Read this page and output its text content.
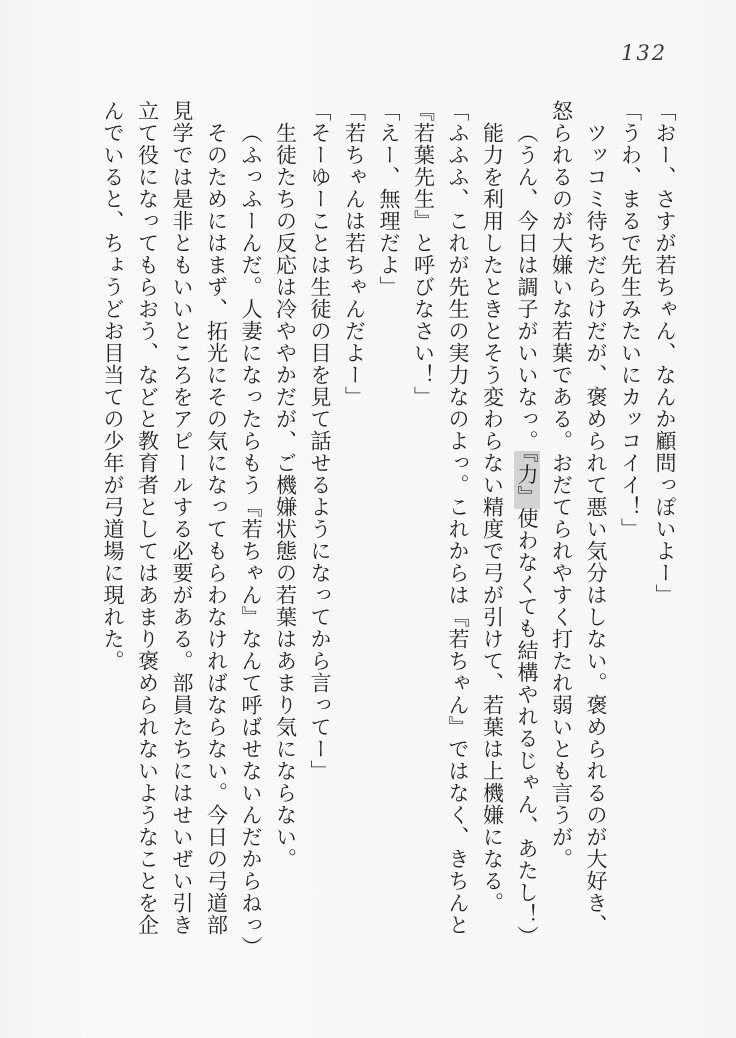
132
「おー、さすが若ちゃん、なんか顧問っぽいよー」
「うわ、まるで先生みたいにカッコイイ！」
ツッコミ待ちだらけだが、褒められて悪い気分はしない。褒められるのが大好き、
怒られるのが大嫌いな若葉である。おだてられやすく打たれ弱いとも言うが。
（うん、今日は調子がいいなっ。『力』使わなくても結構やれるじゃん、あたし！）
能力を利用したときとそう変わらない精度で弓が引けて、若葉は上機嫌になる。
「ふふふ、これが先生の実力なのよっ。これからは『若ちゃん』ではなく、きちんと
『若葉先生』と呼びなさい！」
「えー、無理だよ」
「若ちゃんは若ちゃんだよー」
「そーゆーことは生徒の目を見て話せるようになってから言ってー」
生徒たちの反応は冷ややかだが、ご機嫌状態の若葉はあまり気にならない。
（ふっふーんだ。人妻になったらもう『若ちゃん』なんて呼ばせないんだからねっ）
そのためにはまず、拓光にその気になってもらわなければならない。今日の弓道部
見学では是非ともいいところをアピールする必要がある。部員たちにはせいぜい引き
立て役になってもらおう、などと教育者としてはあまり褒められないようなことを企
んでいると、ちょうどお目当ての少年が弓道場に現れた。
